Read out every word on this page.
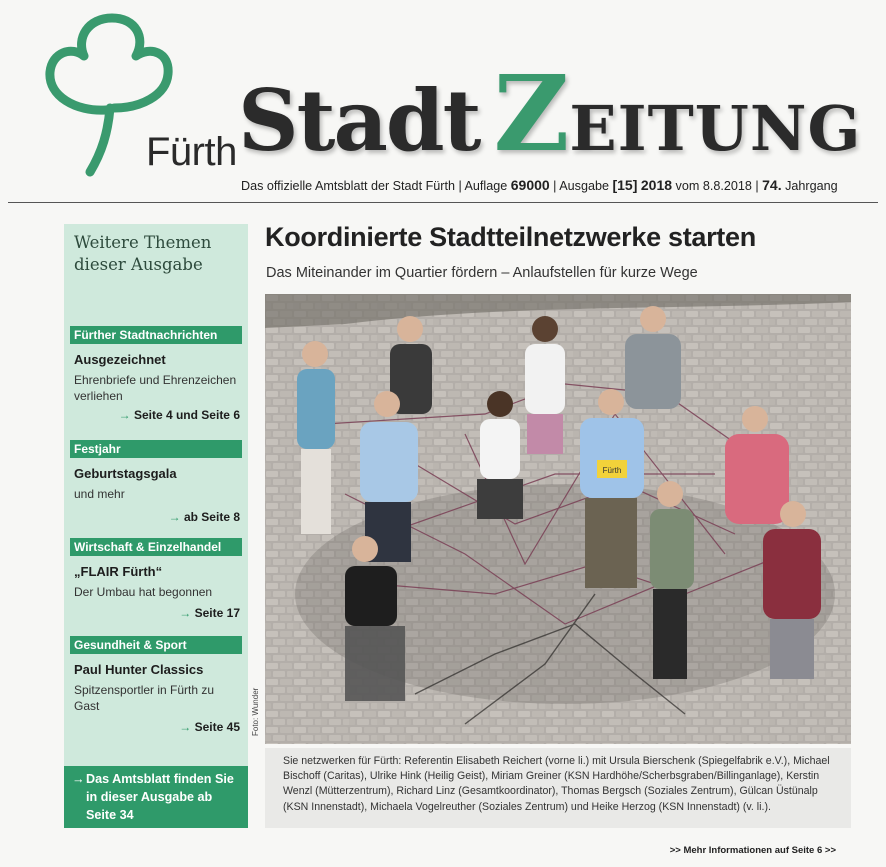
Fürth Stadt ZEITUNG
Das offizielle Amtsblatt der Stadt Fürth | Auflage 69000 | Ausgabe [15] 2018 vom 8.8.2018 | 74. Jahrgang
Weitere Themen dieser Ausgabe
Fürther Stadtnachrichten
Ausgezeichnet
Ehrenbriefe und Ehrenzeichen verliehen
→ Seite 4 und Seite 6
Festjahr
Geburtstagsgala
und mehr
→ ab Seite 8
Wirtschaft & Einzelhandel
„FLAIR Fürth“
Der Umbau hat begonnen
→ Seite 17
Gesundheit & Sport
Paul Hunter Classics
Spitzensportler in Fürth zu Gast
→ Seite 45
→ Das Amtsblatt finden Sie in dieser Ausgabe ab Seite 34
Koordinierte Stadtteilnetzwerke starten
Das Miteinander im Quartier fördern – Anlaufstellen für kurze Wege
Fürth
Foto: Wunder
Sie netzwerken für Fürth: Referentin Elisabeth Reichert (vorne li.) mit Ursula Bierschenk (Spiegelfabrik e.V.), Michael Bischoff (Caritas), Ulrike Hink (Heilig Geist), Miriam Greiner (KSN Hardhöhe/Scherbsgraben/Billinganlage), Kerstin Wenzl (Mütterzentrum), Richard Linz (Gesamtkoordinator), Thomas Bergsch (Soziales Zentrum), Gülcan Üstünalp (KSN Innenstadt), Michaela Vogelreuther (Soziales Zentrum) und Heike Herzog (KSN Innenstadt) (v. li.).
>> Mehr Informationen auf Seite 6 >>
